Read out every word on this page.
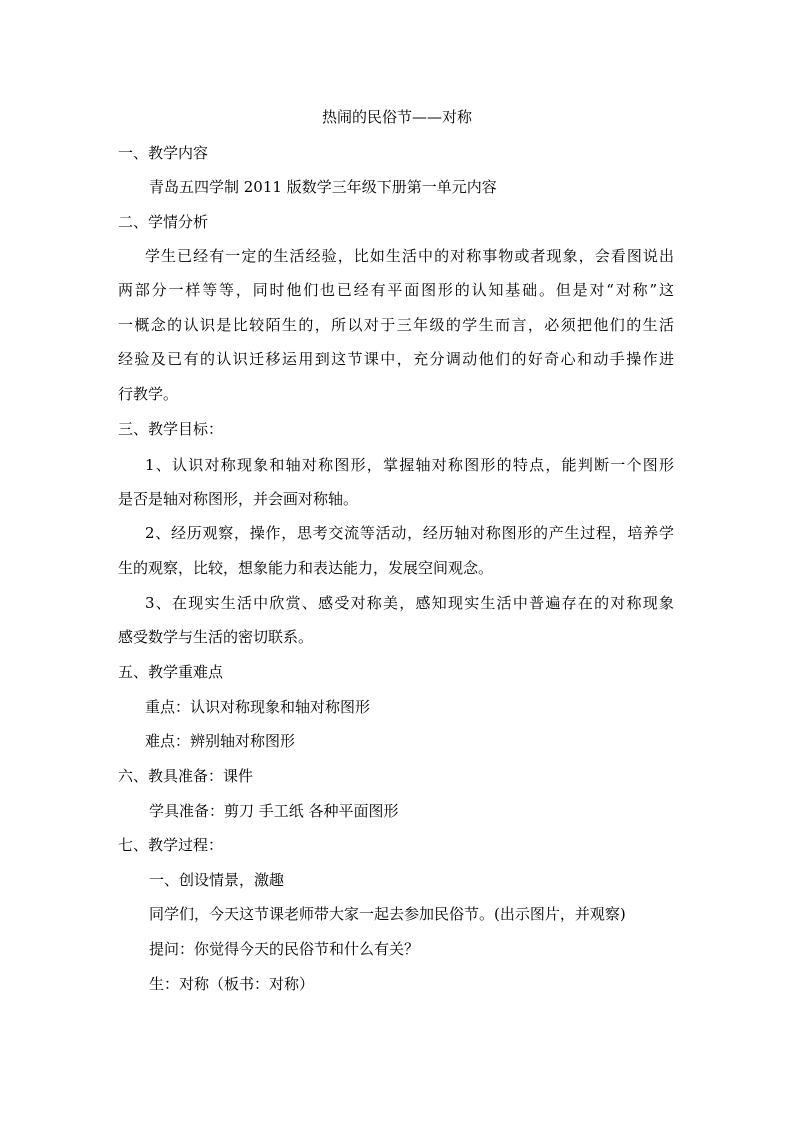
热闹的民俗节——对称
一、教学内容
青岛五四学制 2011 版数学三年级下册第一单元内容
二、学情分析
学生已经有一定的生活经验，比如生活中的对称事物或者现象，会看图说出
两部分一样等等，同时他们也已经有平面图形的认知基础。但是对“对称”这
一概念的认识是比较陌生的，所以对于三年级的学生而言，必须把他们的生活
经验及已有的认识迁移运用到这节课中，充分调动他们的好奇心和动手操作进
行教学。
三、教学目标：
1、认识对称现象和轴对称图形，掌握轴对称图形的特点，能判断一个图形
是否是轴对称图形，并会画对称轴。
2、经历观察，操作，思考交流等活动，经历轴对称图形的产生过程，培养学
生的观察，比较，想象能力和表达能力，发展空间观念。
3、在现实生活中欣赏、感受对称美，感知现实生活中普遍存在的对称现象
感受数学与生活的密切联系。
五、教学重难点
重点：认识对称现象和轴对称图形
难点：辨别轴对称图形
六、教具准备：课件
学具准备：剪刀 手工纸 各种平面图形
七、教学过程：
一、创设情景，激趣
同学们，今天这节课老师带大家一起去参加民俗节。(出示图片，并观察)
提问：你觉得今天的民俗节和什么有关？
生：对称（板书：对称）
